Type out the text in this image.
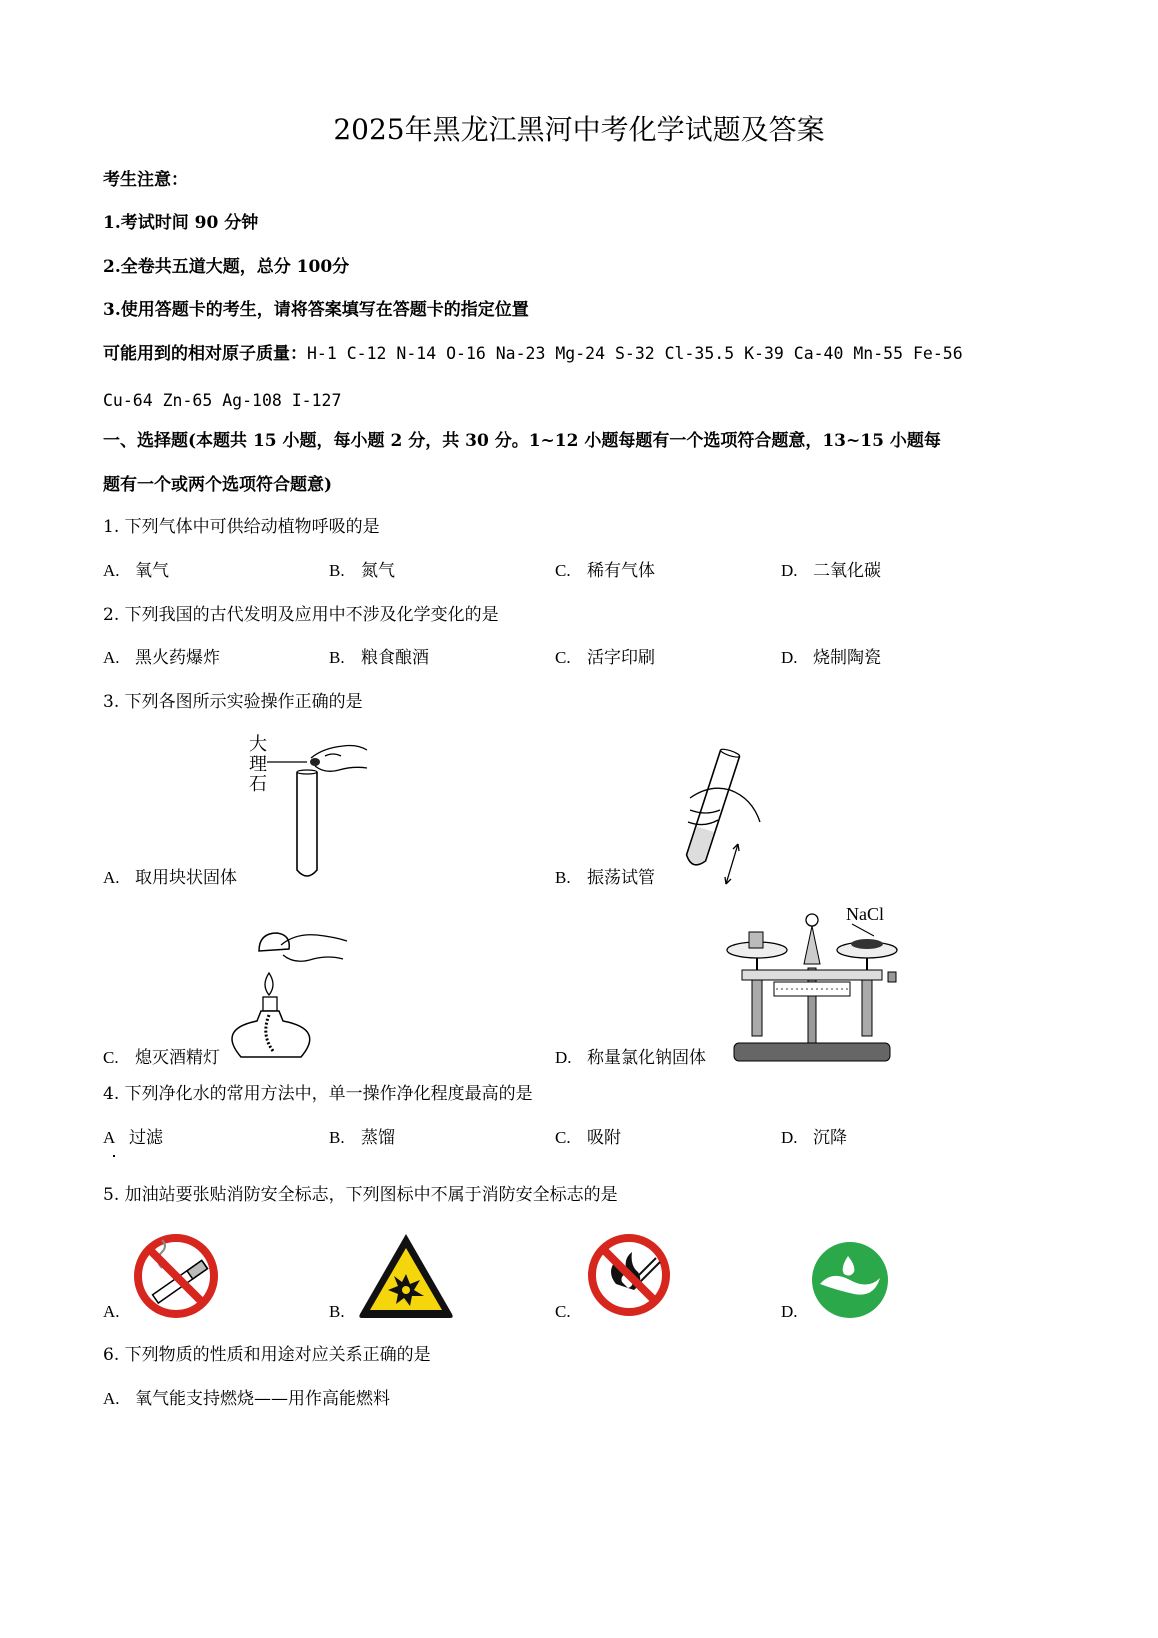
2025年黑龙江黑河中考化学试题及答案
考生注意：
1.考试时间 90 分钟
2.全卷共五道大题，总分 100分
3.使用答题卡的考生，请将答案填写在答题卡的指定位置
可能用到的相对原子质量：H-1 C-12 N-14 O-16 Na-23 Mg-24 S-32 Cl-35.5 K-39 Ca-40 Mn-55 Fe-56
Cu-64 Zn-65 Ag-108 I-127
一、选择题(本题共 15 小题，每小题 2 分，共 30 分。1~12 小题每题有一个选项符合题意，13~15 小题每
题有一个或两个选项符合题意)
1. 下列气体中可供给动植物呼吸的是
A. 氧气	B. 氮气	C. 稀有气体	D. 二氧化碳
2. 下列我国的古代发明及应用中不涉及化学变化的是
A. 黑火药爆炸	B. 粮食酿酒	C. 活字印刷	D. 烧制陶瓷
3. 下列各图所示实验操作正确的是
大
理
石
A. 取用块状固体	B. 振荡试管
C. 熄灭酒精灯
NaCl
D. 称量氯化钠固体
4. 下列净化水的常用方法中，单一操作净化程度最高的是
A 过滤	B. 蒸馏	C. 吸附	D. 沉降
5. 加油站要张贴消防安全标志，下列图标中不属于消防安全标志的是
A.	B.	C.	D.
6. 下列物质的性质和用途对应关系正确的是
A. 氧气能支持燃烧——用作高能燃料
